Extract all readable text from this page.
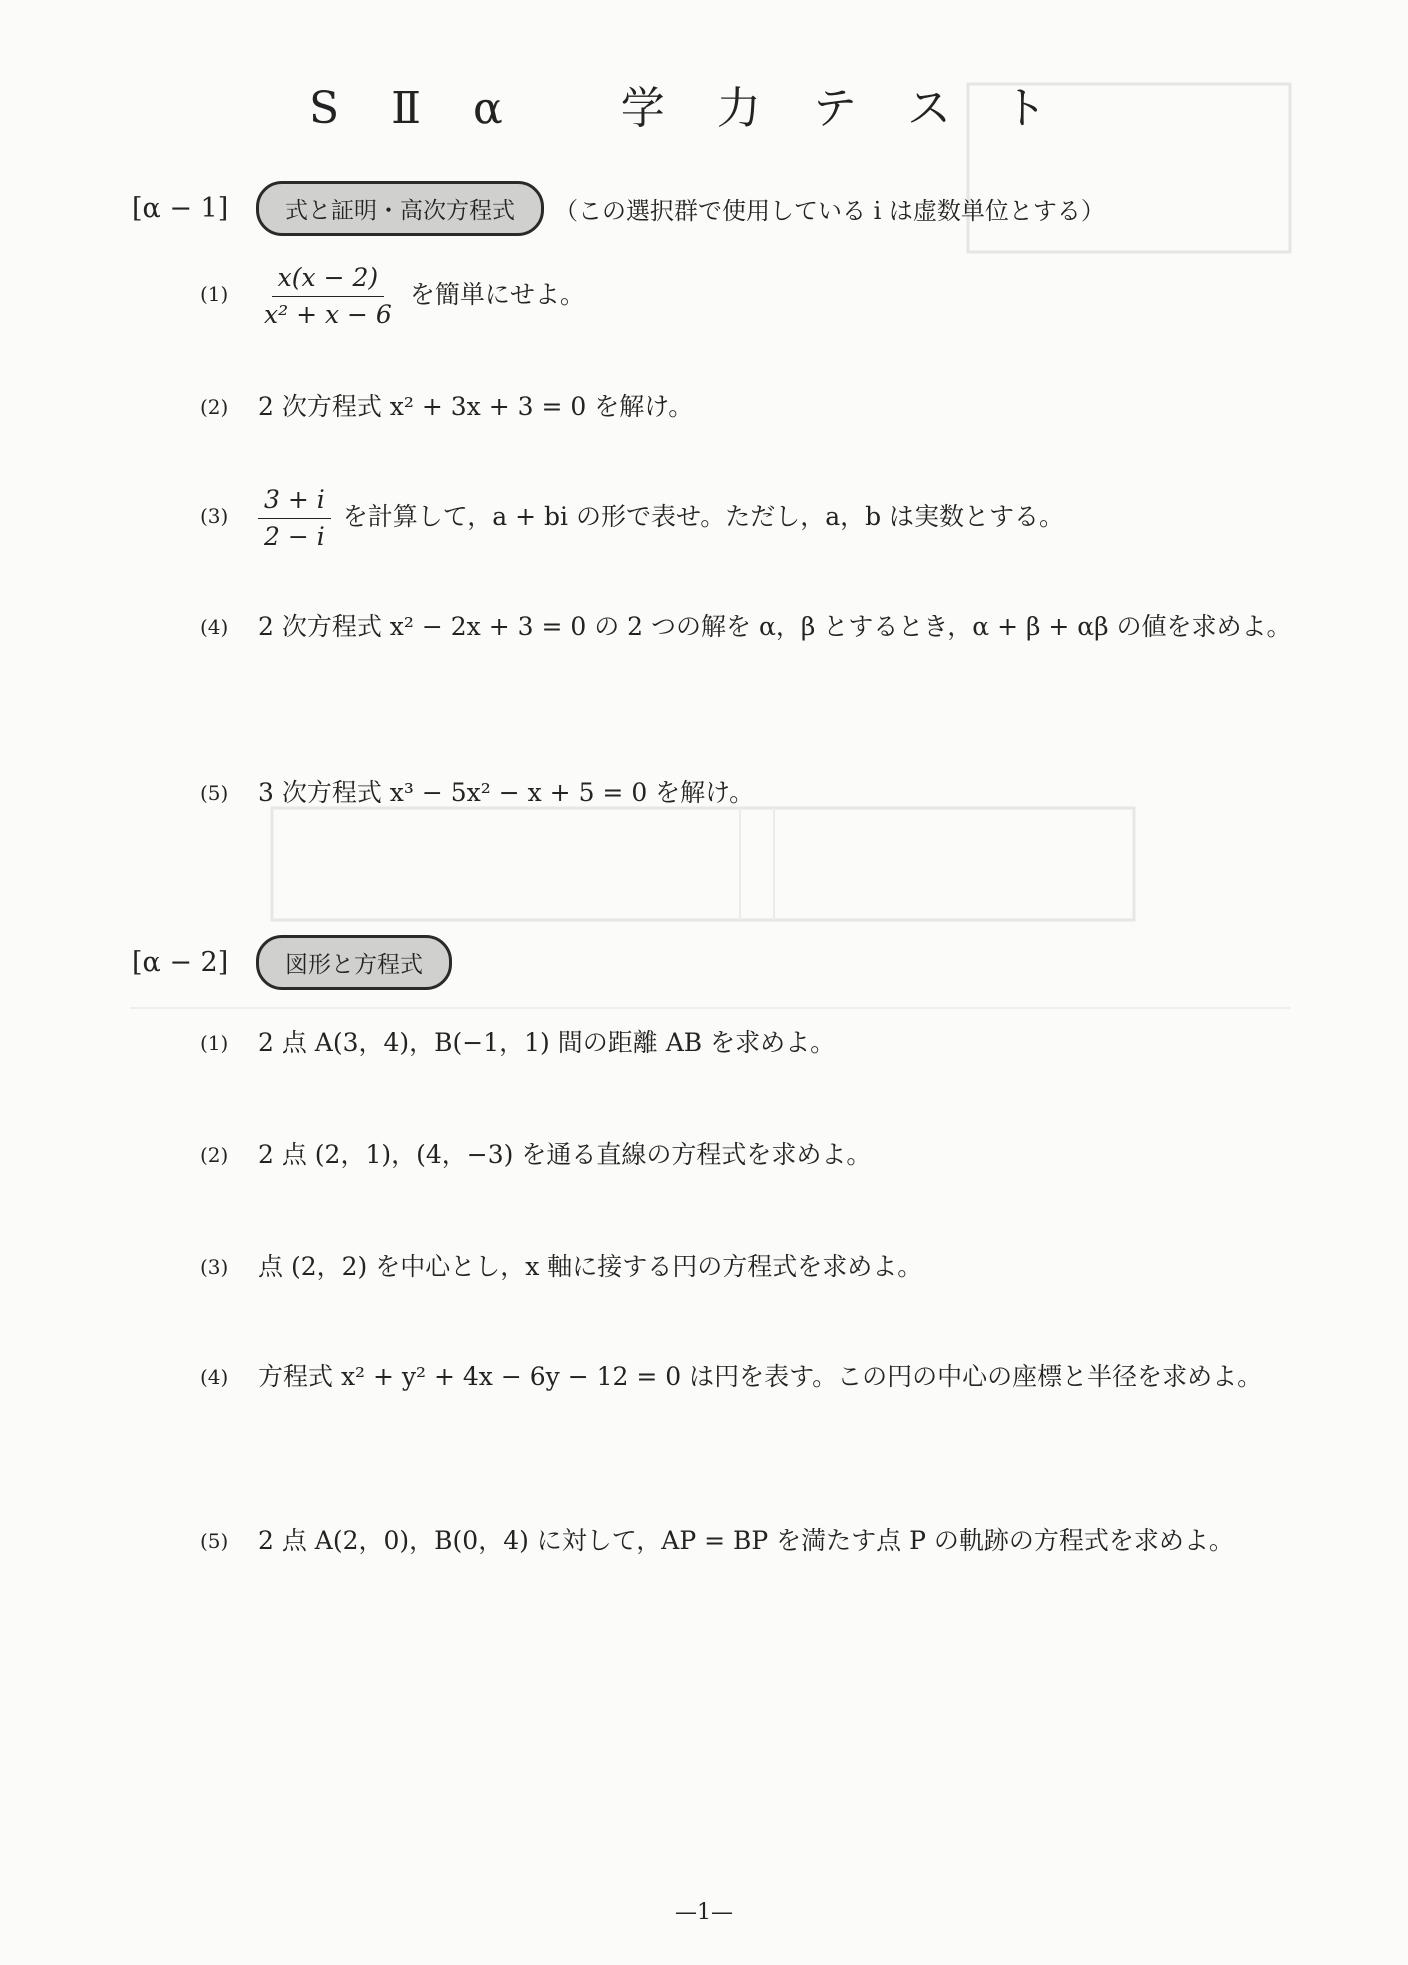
SⅡα 学力テスト
[α − 1]	式と証明・高次方程式	（この選択群で使用している i は虚数単位とする）
(1)	$\frac{x(x - 2)}{\text{x² + x − 6}}$ を簡単にせよ。
(2)	2 次方程式 x² + 3x + 3 = 0 を解け。
(3)	$\frac{3 + i}{2 - i}$ を計算して，a + bi の形で表せ。ただし，a，b は実数とする。
(4)	2 次方程式 x² − 2x + 3 = 0 の 2 つの解を α，β とするとき，α + β + αβ の値を求めよ。
(5)	3 次方程式 x³ − 5x² − x + 5 = 0 を解け。
[α − 2]	図形と方程式
(1)	2 点 A(3，4)，B(−1，1) 間の距離 AB を求めよ。
(2)	2 点 (2，1)，(4，−3) を通る直線の方程式を求めよ。
(3)	点 (2，2) を中心とし，x 軸に接する円の方程式を求めよ。
(4)	方程式 x² + y² + 4x − 6y − 12 = 0 は円を表す。この円の中心の座標と半径を求めよ。
(5)	2 点 A(2，0)，B(0，4) に対して，AP = BP を満たす点 P の軌跡の方程式を求めよ。
—1—
